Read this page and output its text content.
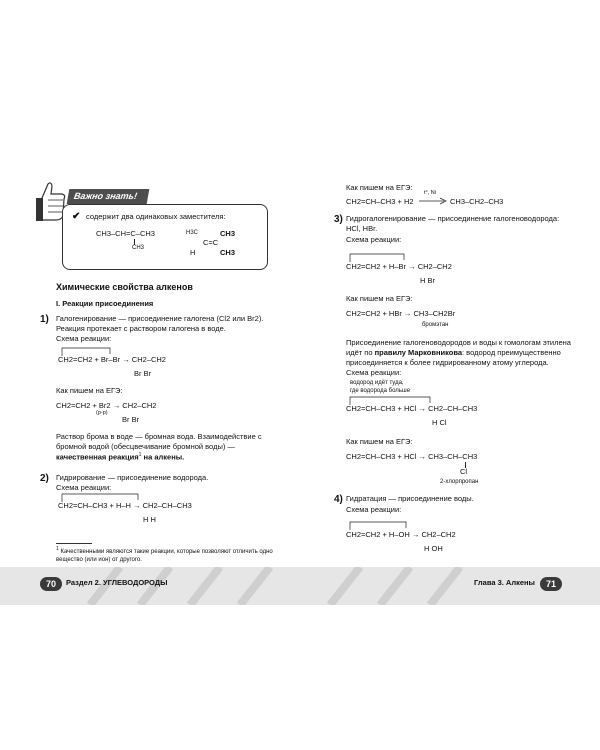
Важно знать!
✔ содержит два одинаковых заместителя:
CH3–CH=C–CH3
CH3
H3C	CH3
C=C
H	CH3
Химические свойства алкенов
I. Реакции присоединения
1) Галогенирование — присоединение галогена (Cl2 или Br2). Реакция протекает с раствором галогена в воде.
Схема реакции:
CH2=CH2 + Br–Br → CH2–CH2
Br Br
Как пишем на ЕГЭ:
CH2=CH2 + Br2 → CH2–CH2
(p-p)
Br Br
Раствор брома в воде — бромная вода. Взаимодействие с бромной водой (обесцвечивание бромной воды) — качественная реакция$^1$ на алкены.
2) Гидрирование — присоединение водорода.
Схема реакции:
CH2=CH–CH3 + H–H → CH2–CH–CH3
H H
$^1$ Качественными являются такие реакции, которые позволяют отличить одно вещество (или ион) от другого.
Как пишем на ЕГЭ:
CH2=CH–CH3 + H2
t°, Ni
CH3–CH2–CH3
3) Гидрогалогенирование — присоединение галогеноводорода: HCl, HBr.
Схема реакции:
CH2=CH2 + H–Br → CH2–CH2
H Br
Как пишем на ЕГЭ:
CH2=CH2 + HBr → CH3–CH2Br
бромэтан
Присоединение галогеноводородов и воды к гомологам этилена идёт по правилу Марковникова: водород преимущественно присоединяется к более гидрированному атому углерода.
Схема реакции:
водород идёт туда,
где водорода больше
CH2=CH–CH3 + HCl → CH2–CH–CH3
H Cl
Как пишем на ЕГЭ:
CH2=CH–CH3 + HCl → CH3–CH–CH3
Cl
2-хлорпропан
4) Гидратация — присоединение воды.
Схема реакции:
CH2=CH2 + H–OH → CH2–CH2
H OH
70	Раздел 2. УГЛЕВОДОРОДЫ	Глава 3. Алкены	71
